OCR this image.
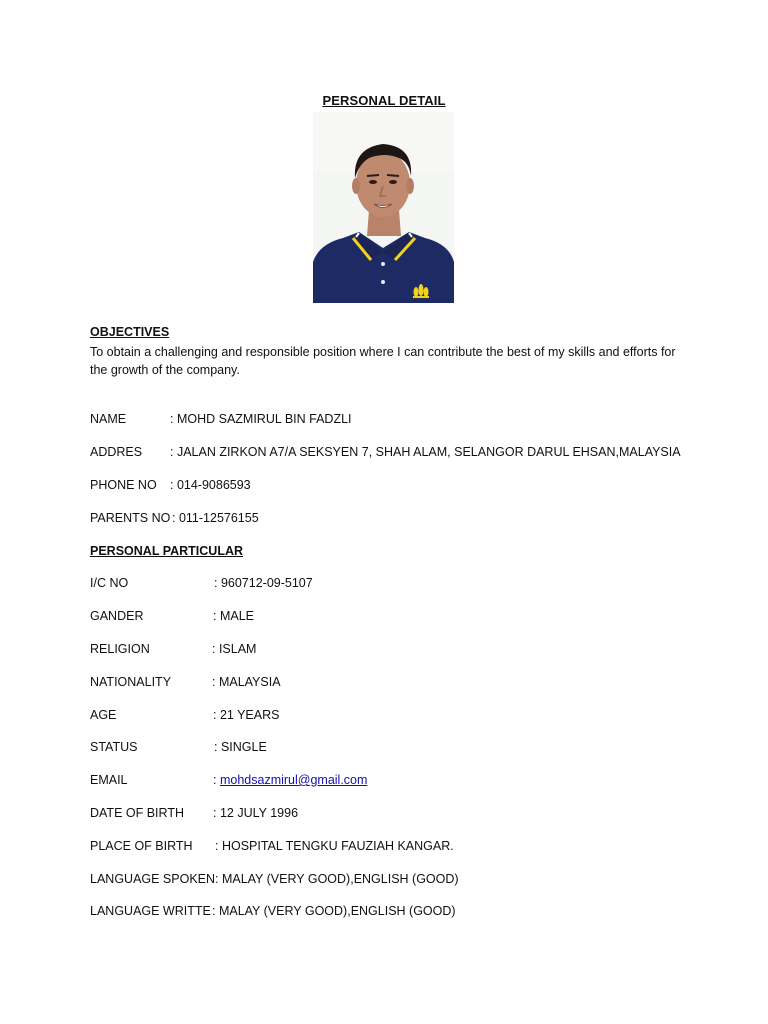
PERSONAL DETAIL
OBJECTIVES
To obtain a challenging and responsible position where I can contribute the best of my skills and efforts for the growth of the company.
NAME	: MOHD SAZMIRUL BIN FADZLI
ADDRES : JALAN ZIRKON A7/A SEKSYEN 7, SHAH ALAM, SELANGOR DARUL EHSAN,MALAYSIA
PHONE NO : 014-9086593
PARENTS NO : 011-12576155
PERSONAL PARTICULAR
I/C NO	: 960712-09-5107
GANDER	: MALE
RELIGION	: ISLAM
NATIONALITY	: MALAYSIA
AGE	: 21 YEARS
STATUS	: SINGLE
EMAIL	: mohdsazmirul@gmail.com
DATE OF BIRTH : 12 JULY 1996
PLACE OF BIRTH : HOSPITAL TENGKU FAUZIAH KANGAR.
LANGUAGE SPOKEN : MALAY (VERY GOOD),ENGLISH (GOOD)
LANGUAGE WRITTE : MALAY (VERY GOOD),ENGLISH (GOOD)
